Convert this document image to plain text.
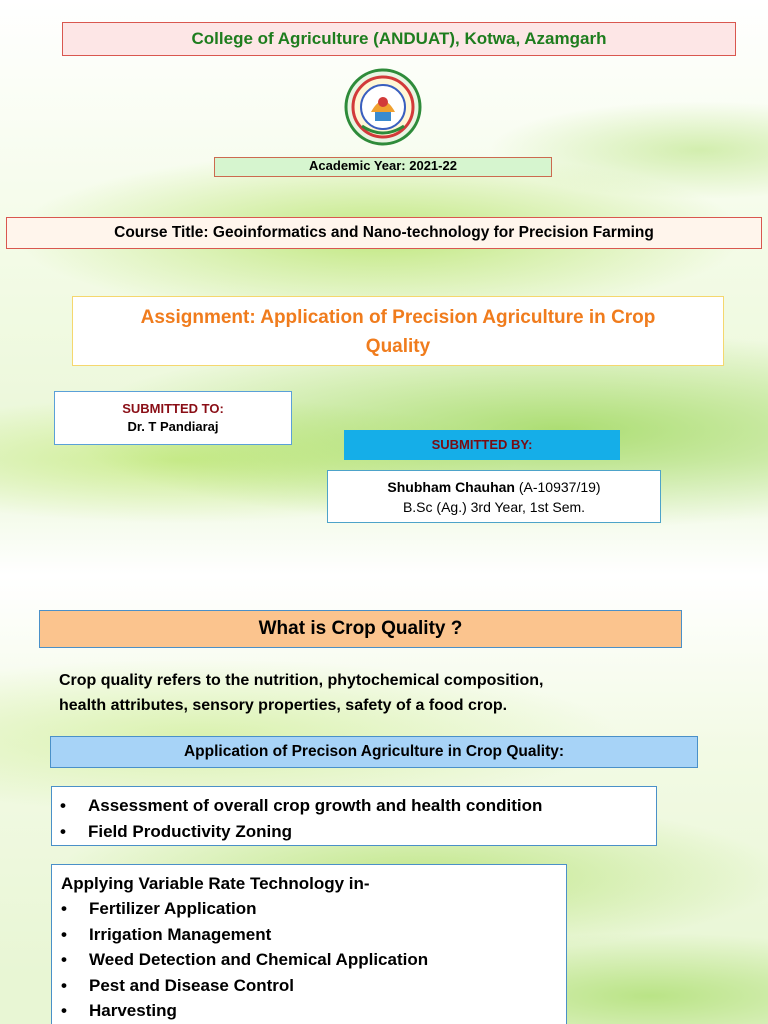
College of Agriculture (ANDUAT), Kotwa, Azamgarh
Academic Year: 2021-22
Course Title: Geoinformatics and Nano-technology for Precision Farming
Assignment: Application of Precision Agriculture in Crop
Quality
SUBMITTED TO:
Dr. T Pandiaraj
SUBMITTED BY:
Shubham Chauhan (A-10937/19)
B.Sc (Ag.) 3rd Year, 1st Sem.
What is Crop Quality ?
Crop quality refers to the nutrition, phytochemical composition,
health attributes, sensory properties, safety of a food crop.
Application of Precison Agriculture in Crop Quality:
• Assessment of overall crop growth and health condition
• Field Productivity Zoning
Applying Variable Rate Technology in-
• Fertilizer Application
• Irrigation Management
• Weed Detection and Chemical Application
• Pest and Disease Control
• Harvesting
